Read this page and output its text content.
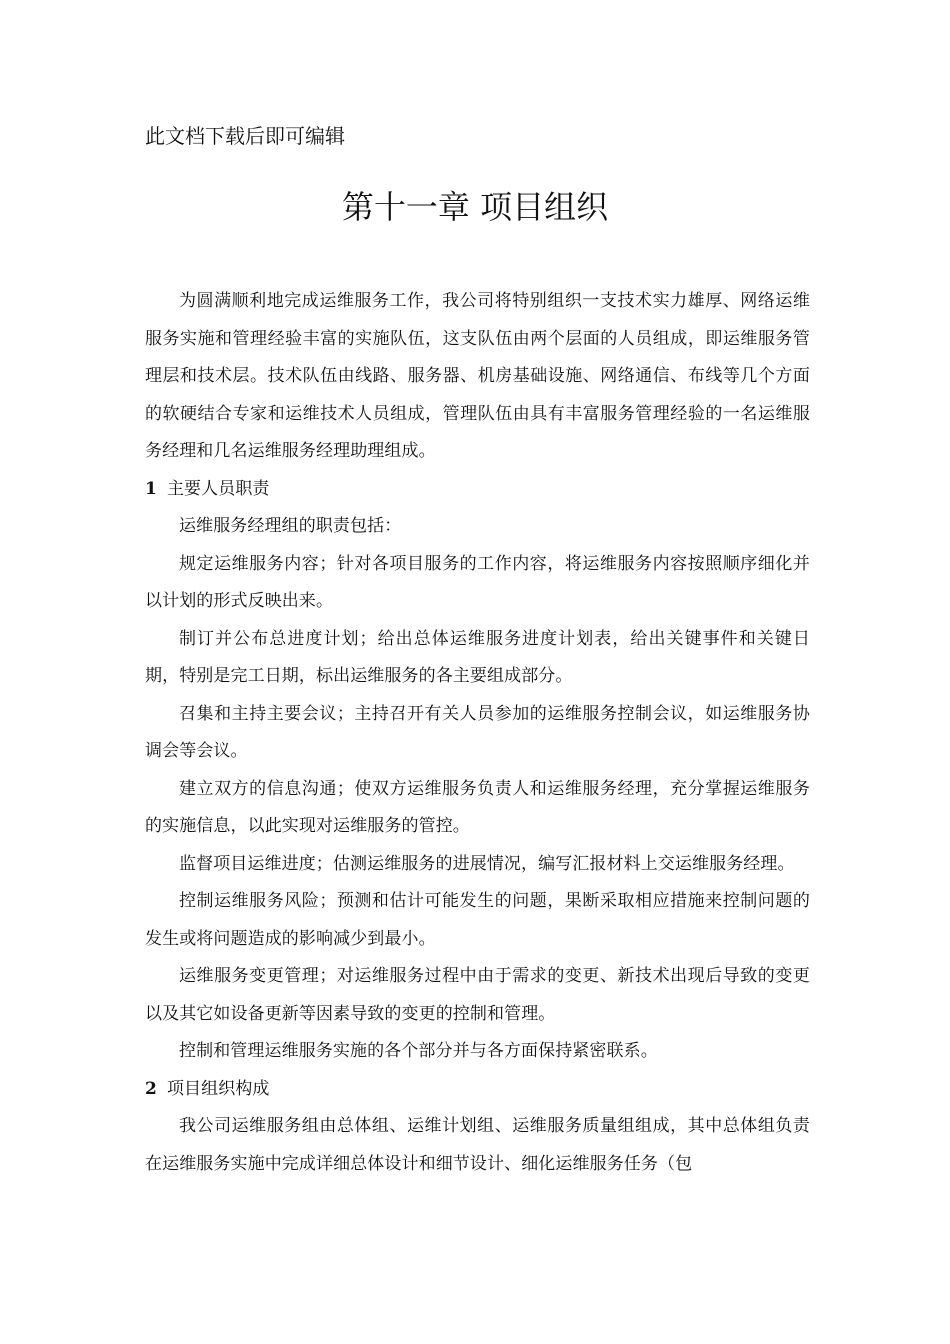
此文档下载后即可编辑
第十一章 项目组织

为圆满顺利地完成运维服务工作，我公司将特别组织一支技术实力雄厚、网络运维服务实施和管理经验丰富的实施队伍，这支队伍由两个层面的人员组成，即运维服务管理层和技术层。技术队伍由线路、服务器、机房基础设施、网络通信、布线等几个方面的软硬结合专家和运维技术人员组成，管理队伍由具有丰富服务管理经验的一名运维服务经理和几名运维服务经理助理组成。

1 主要人员职责

运维服务经理组的职责包括：

规定运维服务内容；针对各项目服务的工作内容，将运维服务内容按照顺序细化并以计划的形式反映出来。

制订并公布总进度计划；给出总体运维服务进度计划表，给出关键事件和关键日期，特别是完工日期，标出运维服务的各主要组成部分。

召集和主持主要会议；主持召开有关人员参加的运维服务控制会议，如运维服务协调会等会议。

建立双方的信息沟通；使双方运维服务负责人和运维服务经理，充分掌握运维服务的实施信息，以此实现对运维服务的管控。

监督项目运维进度；估测运维服务的进展情况，编写汇报材料上交运维服务经理。

控制运维服务风险；预测和估计可能发生的问题，果断采取相应措施来控制问题的发生或将问题造成的影响减少到最小。

运维服务变更管理；对运维服务过程中由于需求的变更、新技术出现后导致的变更以及其它如设备更新等因素导致的变更的控制和管理。

控制和管理运维服务实施的各个部分并与各方面保持紧密联系。

2 项目组织构成

我公司运维服务组由总体组、运维计划组、运维服务质量组组成，其中总体组负责在运维服务实施中完成详细总体设计和细节设计、细化运维服务任务（包
